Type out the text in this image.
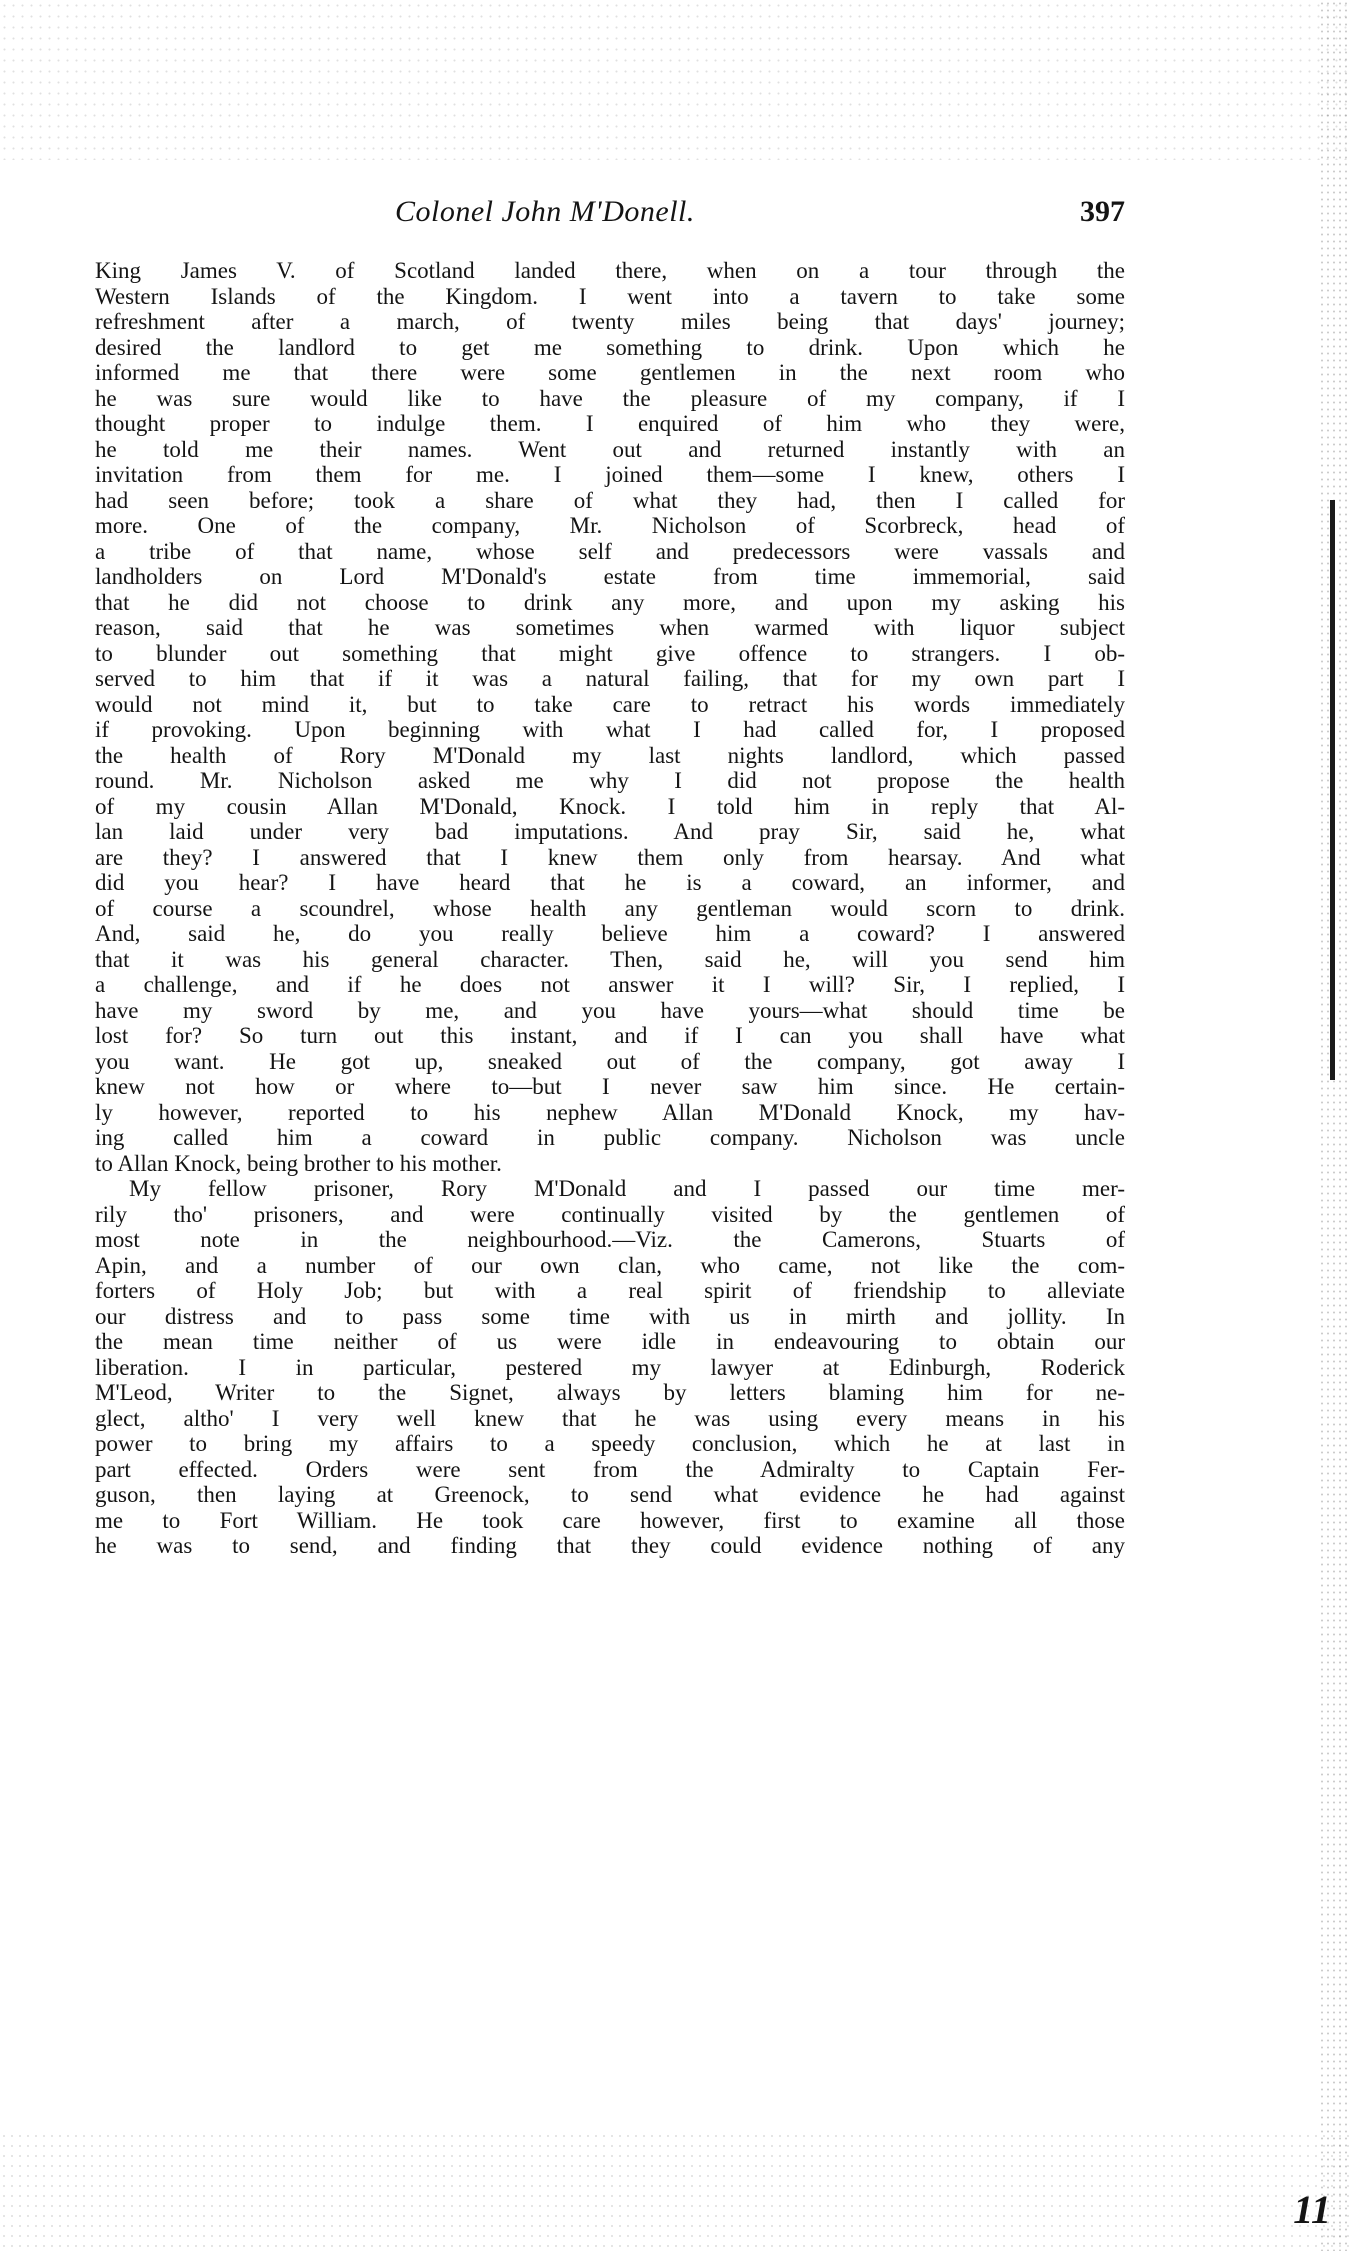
Colonel John M'Donell.	397
King James V. of Scotland landed there, when on a tour through the
Western Islands of the Kingdom. I went into a tavern to take some
refreshment after a march, of twenty miles being that days' journey;
desired the landlord to get me something to drink. Upon which he
informed me that there were some gentlemen in the next room who
he was sure would like to have the pleasure of my company, if I
thought proper to indulge them. I enquired of him who they were,
he told me their names. Went out and returned instantly with an
invitation from them for me. I joined them—some I knew, others I
had seen before; took a share of what they had, then I called for
more. One of the company, Mr. Nicholson of Scorbreck, head of
a tribe of that name, whose self and predecessors were vassals and
landholders on Lord M'Donald's estate from time immemorial, said
that he did not choose to drink any more, and upon my asking his
reason, said that he was sometimes when warmed with liquor subject
to blunder out something that might give offence to strangers. I ob-
served to him that if it was a natural failing, that for my own part I
would not mind it, but to take care to retract his words immediately
if provoking. Upon beginning with what I had called for, I proposed
the health of Rory M'Donald my last nights landlord, which passed
round. Mr. Nicholson asked me why I did not propose the health
of my cousin Allan M'Donald, Knock. I told him in reply that Al-
lan laid under very bad imputations. And pray Sir, said he, what
are they? I answered that I knew them only from hearsay. And what
did you hear? I have heard that he is a coward, an informer, and
of course a scoundrel, whose health any gentleman would scorn to drink.
And, said he, do you really believe him a coward? I answered
that it was his general character. Then, said he, will you send him
a challenge, and if he does not answer it I will? Sir, I replied, I
have my sword by me, and you have yours—what should time be
lost for? So turn out this instant, and if I can you shall have what
you want. He got up, sneaked out of the company, got away I
knew not how or where to—but I never saw him since. He certain-
ly however, reported to his nephew Allan M'Donald Knock, my hav-
ing called him a coward in public company. Nicholson was uncle
to Allan Knock, being brother to his mother.
My fellow prisoner, Rory M'Donald and I passed our time mer-
rily tho' prisoners, and were continually visited by the gentlemen of
most note in the neighbourhood.—Viz. the Camerons, Stuarts of
Apin, and a number of our own clan, who came, not like the com-
forters of Holy Job; but with a real spirit of friendship to alleviate
our distress and to pass some time with us in mirth and jollity. In
the mean time neither of us were idle in endeavouring to obtain our
liberation. I in particular, pestered my lawyer at Edinburgh, Roderick
M'Leod, Writer to the Signet, always by letters blaming him for ne-
glect, altho' I very well knew that he was using every means in his
power to bring my affairs to a speedy conclusion, which he at last in
part effected. Orders were sent from the Admiralty to Captain Fer-
guson, then laying at Greenock, to send what evidence he had against
me to Fort William. He took care however, first to examine all those
he was to send, and finding that they could evidence nothing of any
11
